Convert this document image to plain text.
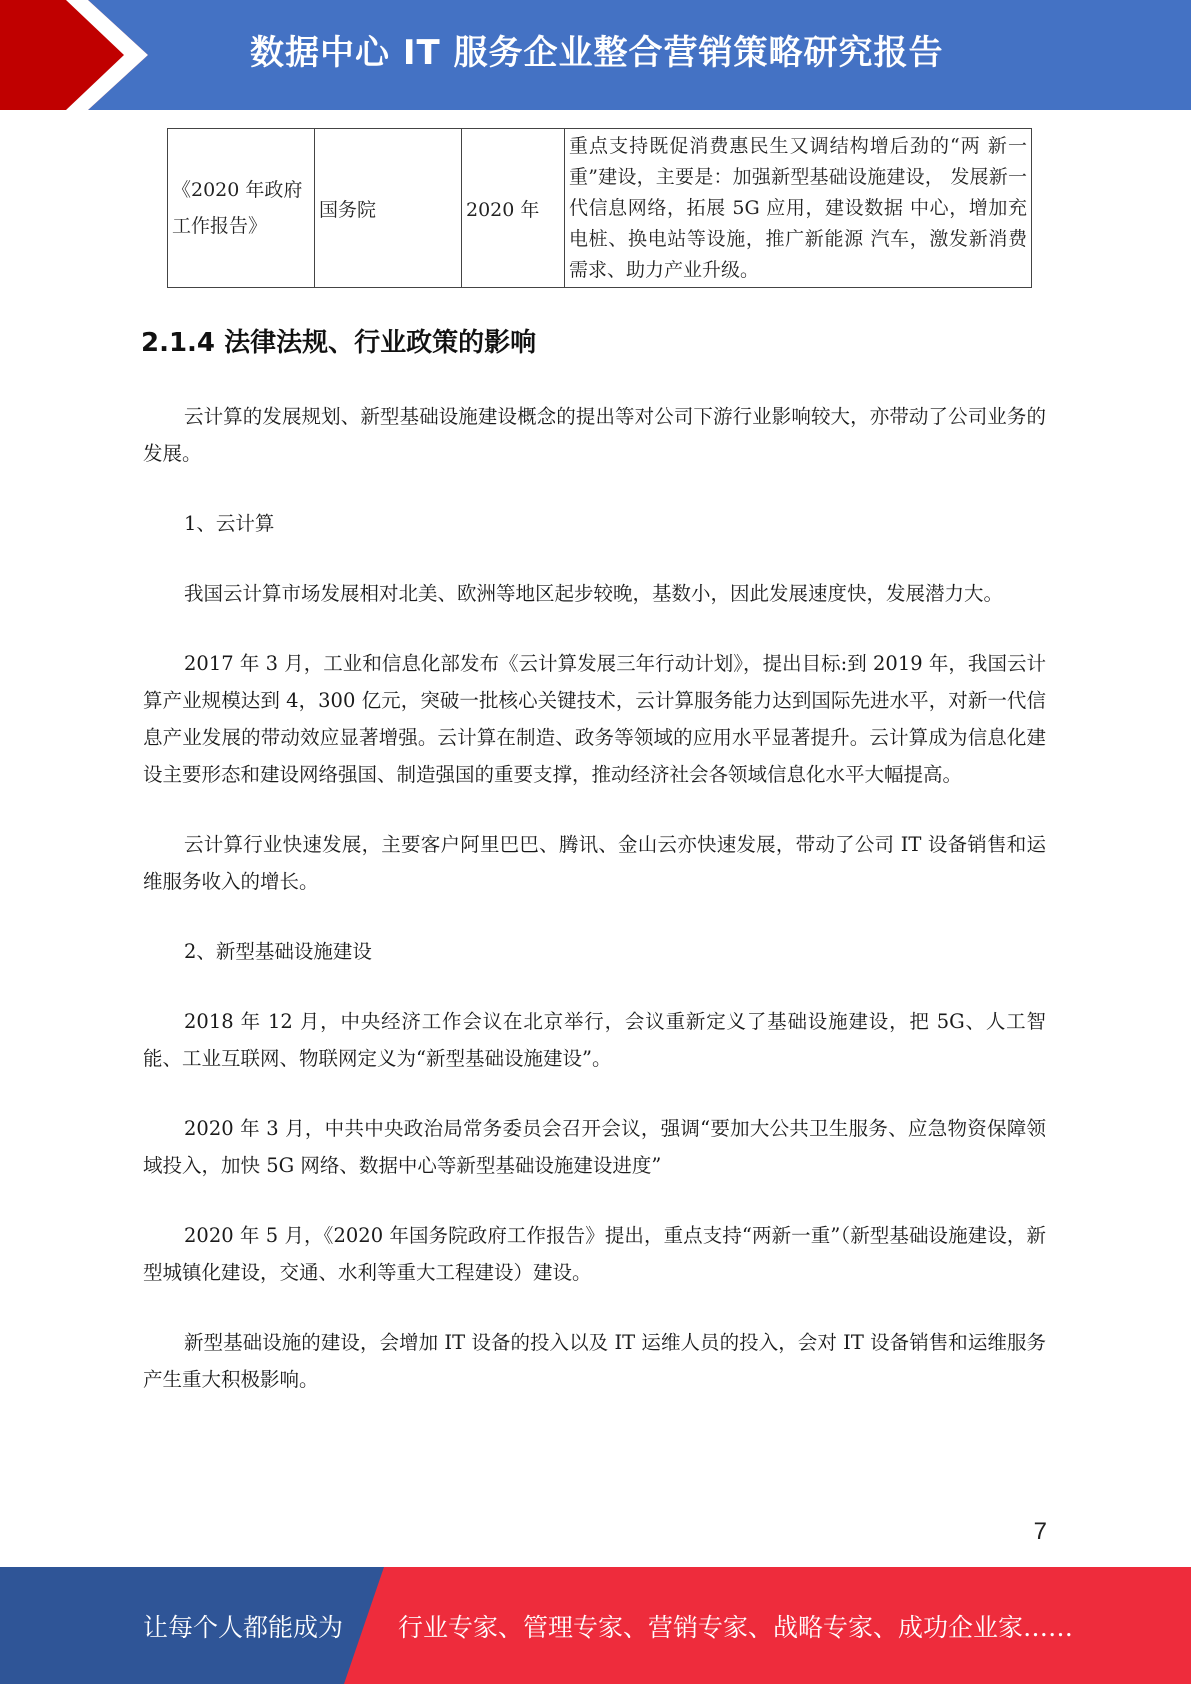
数据中心 IT 服务企业整合营销策略研究报告
《2020 年政府工作报告》	国务院	2020 年	重点支持既促消费惠民生又调结构增后劲的“两 新一重”建设，主要是：加强新型基础设施建设， 发展新一代信息网络，拓展 5G 应用，建设数据 中心，增加充电桩、换电站等设施，推广新能源 汽车，激发新消费需求、助力产业升级。
2.1.4 法律法规、行业政策的影响

云计算的发展规划、新型基础设施建设概念的提出等对公司下游行业影响较大，亦带动了公司业务的发展。

1、云计算

我国云计算市场发展相对北美、欧洲等地区起步较晚，基数小，因此发展速度快，发展潜力大。

2017 年 3 月，工业和信息化部发布《云计算发展三年行动计划》，提出目标:到 2019 年，我国云计算产业规模达到 4，300 亿元，突破一批核心关键技术，云计算服务能力达到国际先进水平，对新一代信息产业发展的带动效应显著增强。云计算在制造、政务等领域的应用水平显著提升。云计算成为信息化建设主要形态和建设网络强国、制造强国的重要支撑，推动经济社会各领域信息化水平大幅提高。

云计算行业快速发展，主要客户阿里巴巴、腾讯、金山云亦快速发展，带动了公司 IT 设备销售和运维服务收入的增长。

2、新型基础设施建设

2018 年 12 月，中央经济工作会议在北京举行，会议重新定义了基础设施建设，把 5G、人工智能、工业互联网、物联网定义为“新型基础设施建设”。

2020 年 3 月，中共中央政治局常务委员会召开会议，强调“要加大公共卫生服务、应急物资保障领域投入，加快 5G 网络、数据中心等新型基础设施建设进度”

2020 年 5 月，《2020 年国务院政府工作报告》提出，重点支持“两新一重”（新型基础设施建设，新型城镇化建设，交通、水利等重大工程建设）建设。

新型基础设施的建设，会增加 IT 设备的投入以及 IT 运维人员的投入，会对 IT 设备销售和运维服务产生重大积极影响。

7
让每个人都能成为 行业专家、管理专家、营销专家、战略专家、成功企业家……
